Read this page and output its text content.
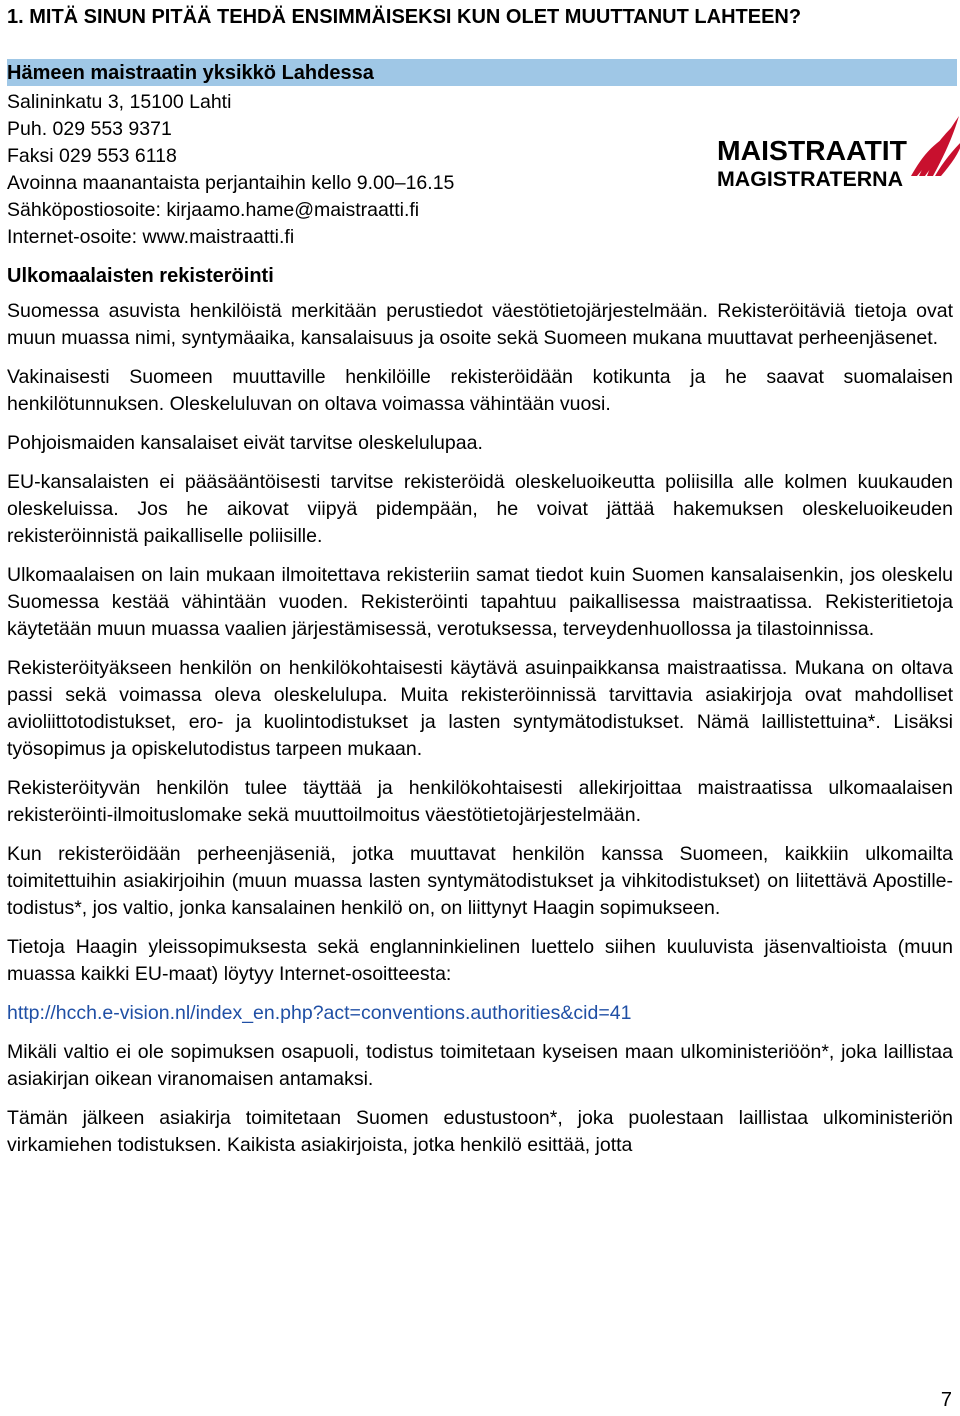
1. MITÄ SINUN PITÄÄ TEHDÄ ENSIMMÄISEKSI KUN OLET MUUTTANUT LAHTEEN?
Hämeen maistraatin yksikkö Lahdessa
Salininkatu 3, 15100 Lahti
Puh. 029 553 9371
Faksi 029 553 6118
Avoinna maanantaista perjantaihin kello 9.00–16.15
Sähköpostiosoite: kirjaamo.hame@maistraatti.fi
Internet-osoite: www.maistraatti.fi
MAISTRAATIT
MAGISTRATERNA
Ulkomaalaisten rekisteröinti

Suomessa asuvista henkilöistä merkitään perustiedot väestötietojärjestelmään. Rekisteröitäviä tietoja ovat muun muassa nimi, syntymäaika, kansalaisuus ja osoite sekä Suomeen mukana muuttavat perheenjäsenet.

Vakinaisesti Suomeen muuttaville henkilöille rekisteröidään kotikunta ja he saavat suomalaisen henkilötunnuksen. Oleskeluluvan on oltava voimassa vähintään vuosi.

Pohjoismaiden kansalaiset eivät tarvitse oleskelulupaa.

EU-kansalaisten ei pääsääntöisesti tarvitse rekisteröidä oleskeluoikeutta poliisilla alle kolmen kuukauden oleskeluissa. Jos he aikovat viipyä pidempään, he voivat jättää hakemuksen oleskeluoikeuden rekisteröinnistä paikalliselle poliisille.

Ulkomaalaisen on lain mukaan ilmoitettava rekisteriin samat tiedot kuin Suomen kansalaisenkin, jos oleskelu Suomessa kestää vähintään vuoden. Rekisteröinti tapahtuu paikallisessa maistraatissa. Rekisteritietoja käytetään muun muassa vaalien järjestämisessä, verotuksessa, terveydenhuollossa ja tilastoinnissa.

Rekisteröityäkseen henkilön on henkilökohtaisesti käytävä asuinpaikkansa maistraatissa. Mukana on oltava passi sekä voimassa oleva oleskelulupa. Muita rekisteröinnissä tarvittavia asiakirjoja ovat mahdolliset avioliittotodistukset, ero- ja kuolintodistukset ja lasten syntymätodistukset. Nämä laillistettuina*. Lisäksi työsopimus ja opiskelutodistus tarpeen mukaan.

Rekisteröityvän henkilön tulee täyttää ja henkilökohtaisesti allekirjoittaa maistraatissa ulkomaalaisen rekisteröinti-ilmoituslomake sekä muuttoilmoitus väestötietojärjestelmään.

Kun rekisteröidään perheenjäseniä, jotka muuttavat henkilön kanssa Suomeen, kaikkiin ulkomailta toimitettuihin asiakirjoihin (muun muassa lasten syntymätodistukset ja vihkitodistukset) on liitettävä Apostille-todistus*, jos valtio, jonka kansalainen henkilö on, on liittynyt Haagin sopimukseen.

Tietoja Haagin yleissopimuksesta sekä englanninkielinen luettelo siihen kuuluvista jäsenvaltioista (muun muassa kaikki EU-maat) löytyy Internet-osoitteesta:

http://hcch.e-vision.nl/index_en.php?act=conventions.authorities&cid=41

Mikäli valtio ei ole sopimuksen osapuoli, todistus toimitetaan kyseisen maan ulkoministeriöön*, joka laillistaa asiakirjan oikean viranomaisen antamaksi.

Tämän jälkeen asiakirja toimitetaan Suomen edustustoon*, joka puolestaan laillistaa ulkoministeriön virkamiehen todistuksen. Kaikista asiakirjoista, jotka henkilö esittää, jotta

7
